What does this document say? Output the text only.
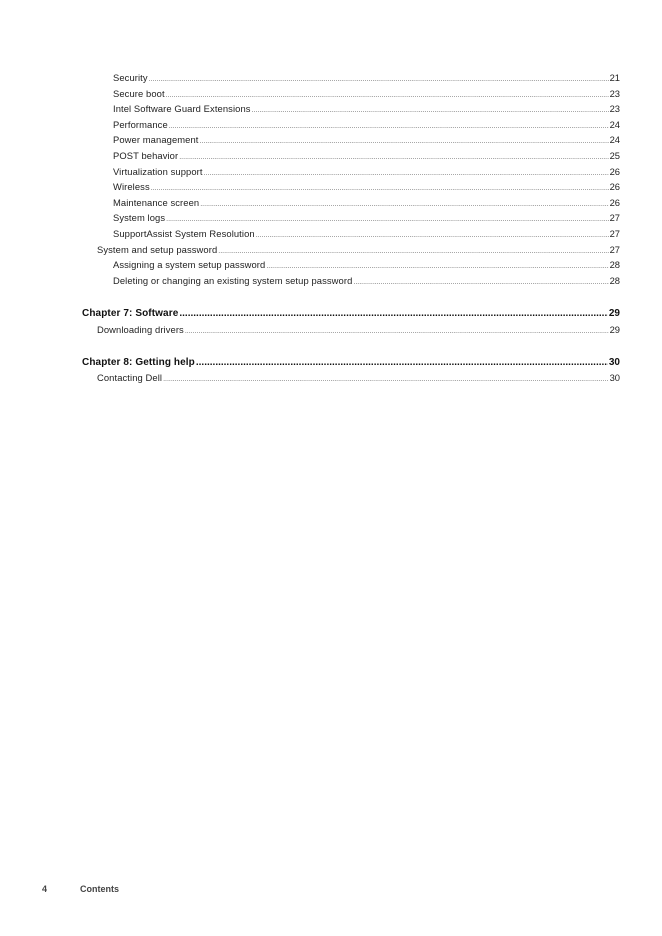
Security .....	21
Secure boot .....	23
Intel Software Guard Extensions .....	23
Performance .....	24
Power management .....	24
POST behavior .....	25
Virtualization support .....	26
Wireless .....	26
Maintenance screen .....	26
System logs .....	27
SupportAssist System Resolution .....	27
System and setup password .....	27
Assigning a system setup password .....	28
Deleting or changing an existing system setup password .....	28
Chapter 7: Software .....	29
Downloading drivers .....	29
Chapter 8: Getting help .....	30
Contacting Dell .....	30
4	Contents
